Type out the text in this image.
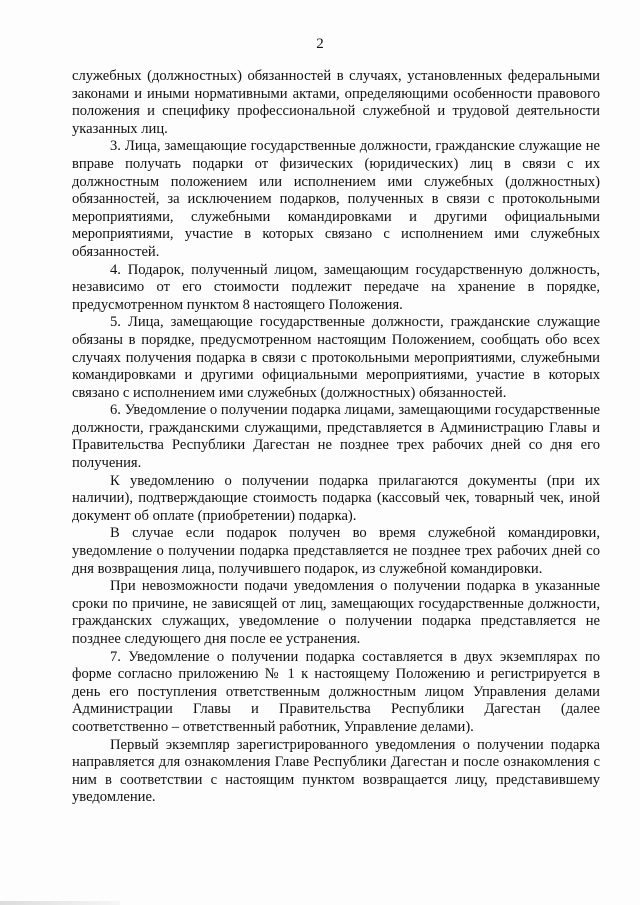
2

служебных (должностных) обязанностей в случаях, установленных федеральными законами и иными нормативными актами, определяющими особенности правового положения и специфику профессиональной служебной и трудовой деятельности указанных лиц.

3. Лица, замещающие государственные должности, гражданские служащие не вправе получать подарки от физических (юридических) лиц в связи с их должностным положением или исполнением ими служебных (должностных) обязанностей, за исключением подарков, полученных в связи с протокольными мероприятиями, служебными командировками и другими официальными мероприятиями, участие в которых связано с исполнением ими служебных обязанностей.

4. Подарок, полученный лицом, замещающим государственную должность, независимо от его стоимости подлежит передаче на хранение в порядке, предусмотренном пунктом 8 настоящего Положения.

5. Лица, замещающие государственные должности, гражданские служащие обязаны в порядке, предусмотренном настоящим Положением, сообщать обо всех случаях получения подарка в связи с протокольными мероприятиями, служебными командировками и другими официальными мероприятиями, участие в которых связано с исполнением ими служебных (должностных) обязанностей.

6. Уведомление о получении подарка лицами, замещающими государственные должности, гражданскими служащими, представляется в Администрацию Главы и Правительства Республики Дагестан не позднее трех рабочих дней со дня его получения.

К уведомлению о получении подарка прилагаются документы (при их наличии), подтверждающие стоимость подарка (кассовый чек, товарный чек, иной документ об оплате (приобретении) подарка).

В случае если подарок получен во время служебной командировки, уведомление о получении подарка представляется не позднее трех рабочих дней со дня возвращения лица, получившего подарок, из служебной командировки.

При невозможности подачи уведомления о получении подарка в указанные сроки по причине, не зависящей от лиц, замещающих государственные должности, гражданских служащих, уведомление о получении подарка представляется не позднее следующего дня после ее устранения.

7. Уведомление о получении подарка составляется в двух экземплярах по форме согласно приложению № 1 к настоящему Положению и регистрируется в день его поступления ответственным должностным лицом Управления делами Администрации Главы и Правительства Республики Дагестан (далее соответственно – ответственный работник, Управление делами).

Первый экземпляр зарегистрированного уведомления о получении подарка направляется для ознакомления Главе Республики Дагестан и после ознакомления с ним в соответствии с настоящим пунктом возвращается лицу, представившему уведомление.
